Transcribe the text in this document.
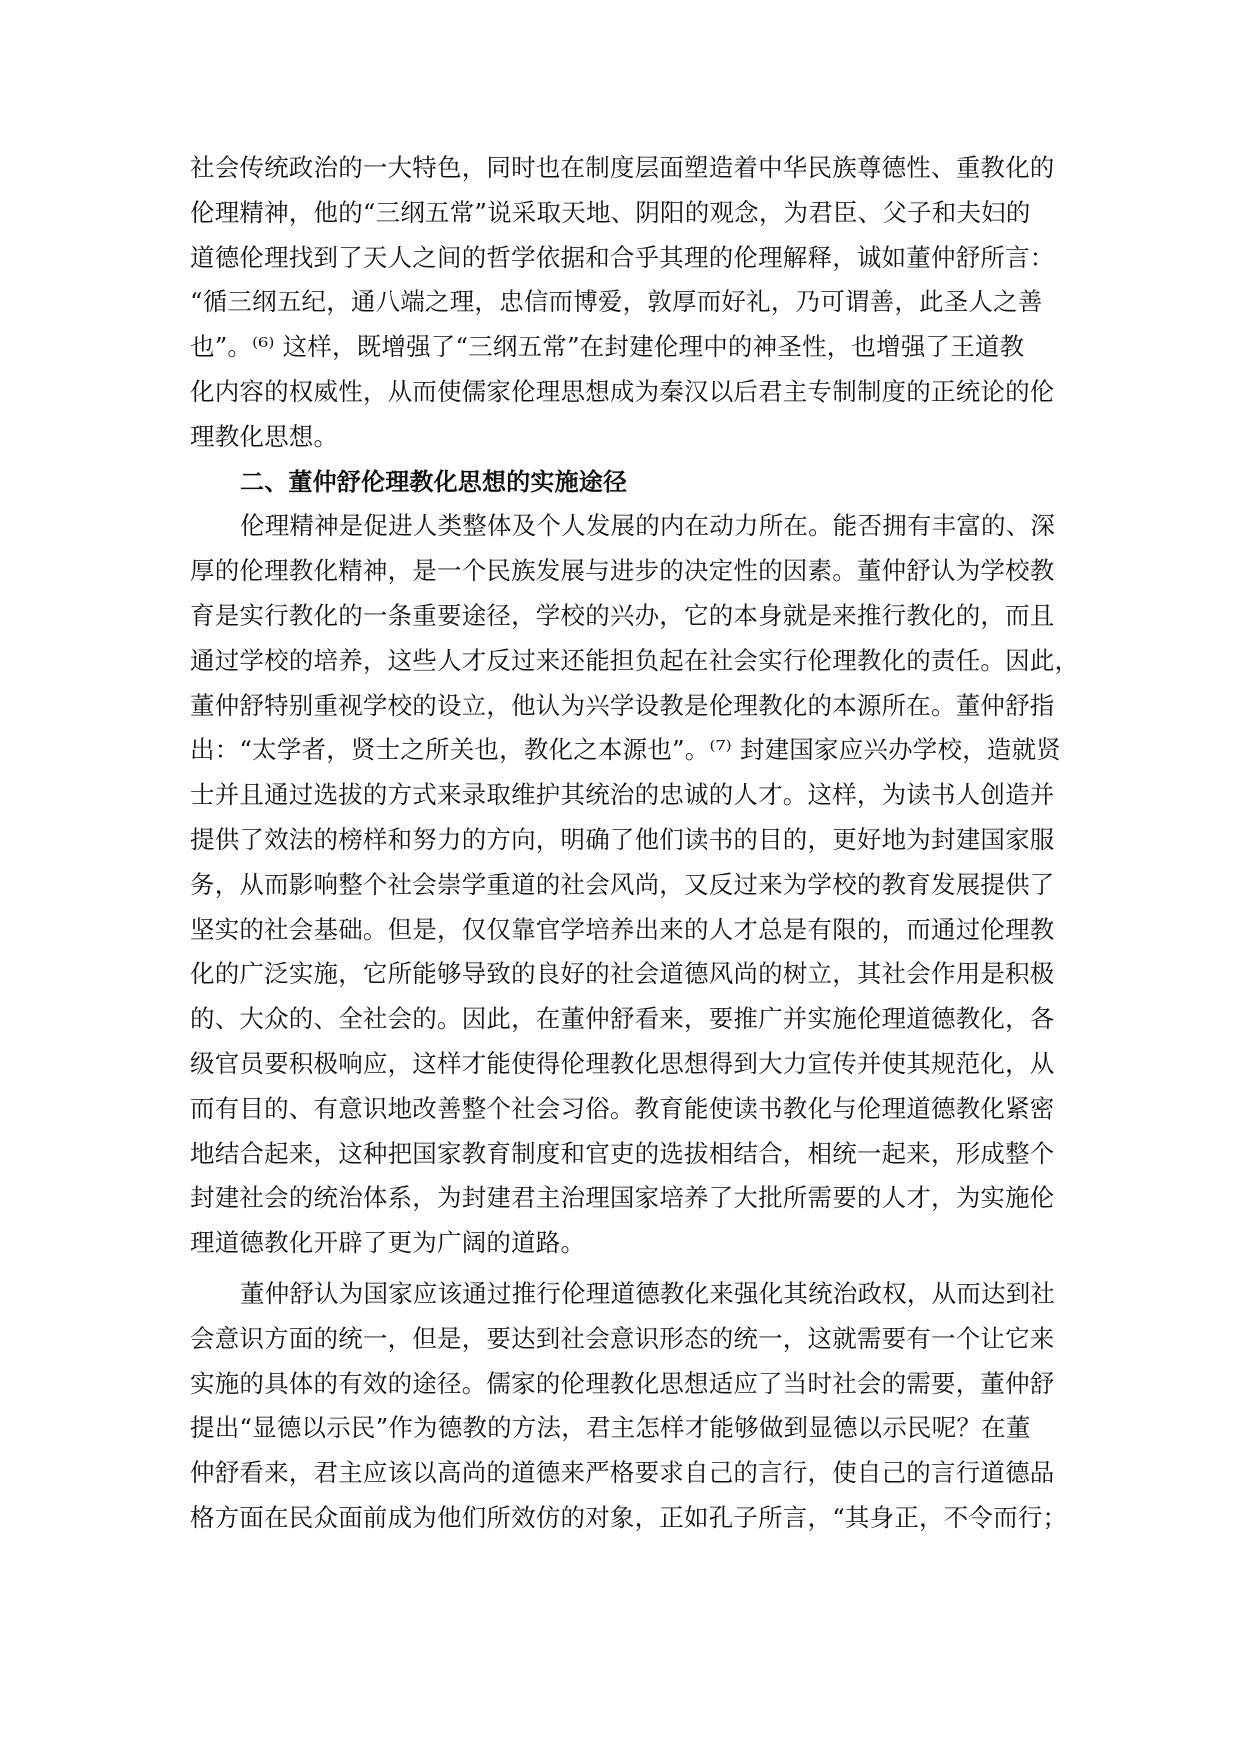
社会传统政治的一大特色，同时也在制度层面塑造着中华民族尊德性、重教化的
伦理精神，他的“三纲五常”说采取天地、阴阳的观念，为君臣、父子和夫妇的
道德伦理找到了天人之间的哲学依据和合乎其理的伦理解释，诚如董仲舒所言：
“循三纲五纪，通八端之理，忠信而博爱，敦厚而好礼，乃可谓善，此圣人之善
也”。⁽⁶⁾ 这样，既增强了“三纲五常”在封建伦理中的神圣性，也增强了王道教
化内容的权威性，从而使儒家伦理思想成为秦汉以后君主专制制度的正统论的伦
理教化思想。
二、董仲舒伦理教化思想的实施途径
伦理精神是促进人类整体及个人发展的内在动力所在。能否拥有丰富的、深
厚的伦理教化精神，是一个民族发展与进步的决定性的因素。董仲舒认为学校教
育是实行教化的一条重要途径，学校的兴办，它的本身就是来推行教化的，而且
通过学校的培养，这些人才反过来还能担负起在社会实行伦理教化的责任。因此，
董仲舒特别重视学校的设立，他认为兴学设教是伦理教化的本源所在。董仲舒指
出：“太学者，贤士之所关也，教化之本源也”。⁽⁷⁾ 封建国家应兴办学校，造就贤
士并且通过选拔的方式来录取维护其统治的忠诚的人才。这样，为读书人创造并
提供了效法的榜样和努力的方向，明确了他们读书的目的，更好地为封建国家服
务，从而影响整个社会崇学重道的社会风尚，又反过来为学校的教育发展提供了
坚实的社会基础。但是，仅仅靠官学培养出来的人才总是有限的，而通过伦理教
化的广泛实施，它所能够导致的良好的社会道德风尚的树立，其社会作用是积极
的、大众的、全社会的。因此，在董仲舒看来，要推广并实施伦理道德教化，各
级官员要积极响应，这样才能使得伦理教化思想得到大力宣传并使其规范化，从
而有目的、有意识地改善整个社会习俗。教育能使读书教化与伦理道德教化紧密
地结合起来，这种把国家教育制度和官吏的选拔相结合，相统一起来，形成整个
封建社会的统治体系，为封建君主治理国家培养了大批所需要的人才，为实施伦
理道德教化开辟了更为广阔的道路。
董仲舒认为国家应该通过推行伦理道德教化来强化其统治政权，从而达到社
会意识方面的统一，但是，要达到社会意识形态的统一，这就需要有一个让它来
实施的具体的有效的途径。儒家的伦理教化思想适应了当时社会的需要，董仲舒
提出“显德以示民”作为德教的方法，君主怎样才能够做到显德以示民呢？在董
仲舒看来，君主应该以高尚的道德来严格要求自己的言行，使自己的言行道德品
格方面在民众面前成为他们所效仿的对象，正如孔子所言，“其身正，不令而行；
